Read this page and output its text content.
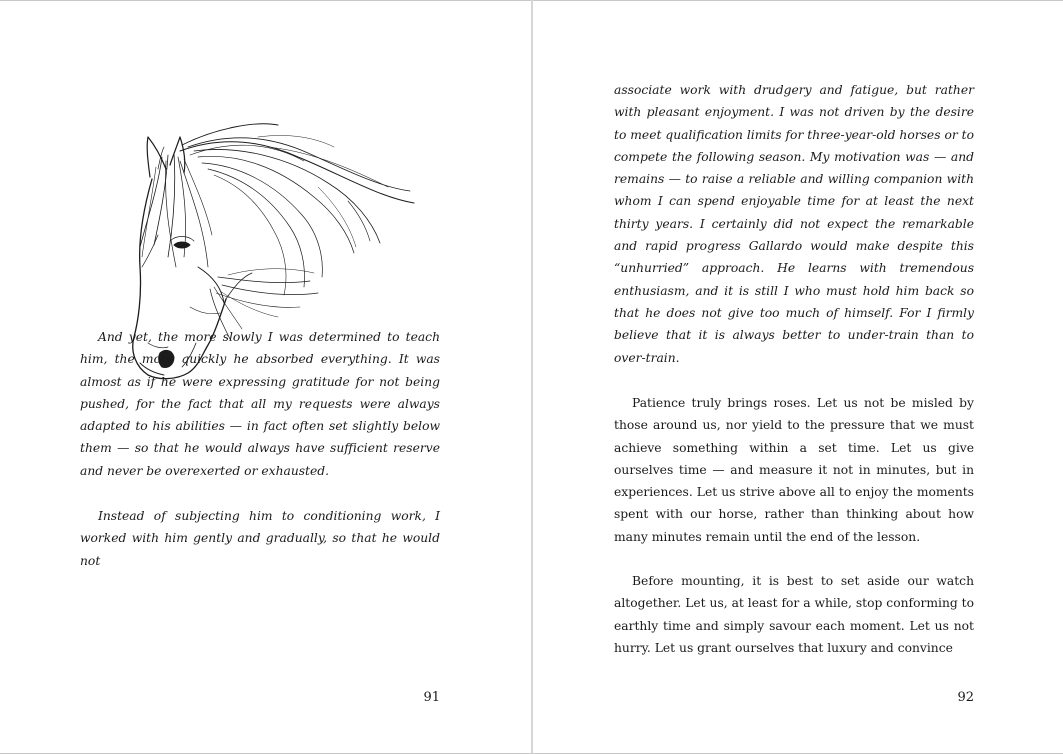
And yet, the more slowly I was determined to teach him, the more quickly he absorbed everything. It was almost as if he were expressing gratitude for not being pushed, for the fact that all my requests were always adapted to his abilities — in fact often set slightly below them — so that he would always have sufficient reserve and never be overexerted or exhausted.

Instead of subjecting him to conditioning work, I worked with him gently and gradually, so that he would not

91

associate work with drudgery and fatigue, but rather with pleasant enjoyment. I was not driven by the desire to meet qualification limits for three-year-old horses or to compete the following season. My motivation was — and remains — to raise a reliable and willing companion with whom I can spend enjoyable time for at least the next thirty years. I certainly did not expect the remarkable and rapid progress Gallardo would make despite this “unhurried” approach. He learns with tremendous enthusiasm, and it is still I who must hold him back so that he does not give too much of himself. For I firmly believe that it is always better to under-train than to over-train.

Patience truly brings roses. Let us not be misled by those around us, nor yield to the pressure that we must achieve something within a set time. Let us give ourselves time — and measure it not in minutes, but in experiences. Let us strive above all to enjoy the moments spent with our horse, rather than thinking about how many minutes remain until the end of the lesson.

Before mounting, it is best to set aside our watch altogether. Let us, at least for a while, stop conforming to earthly time and simply savour each moment. Let us not hurry. Let us grant ourselves that luxury and convince

92
